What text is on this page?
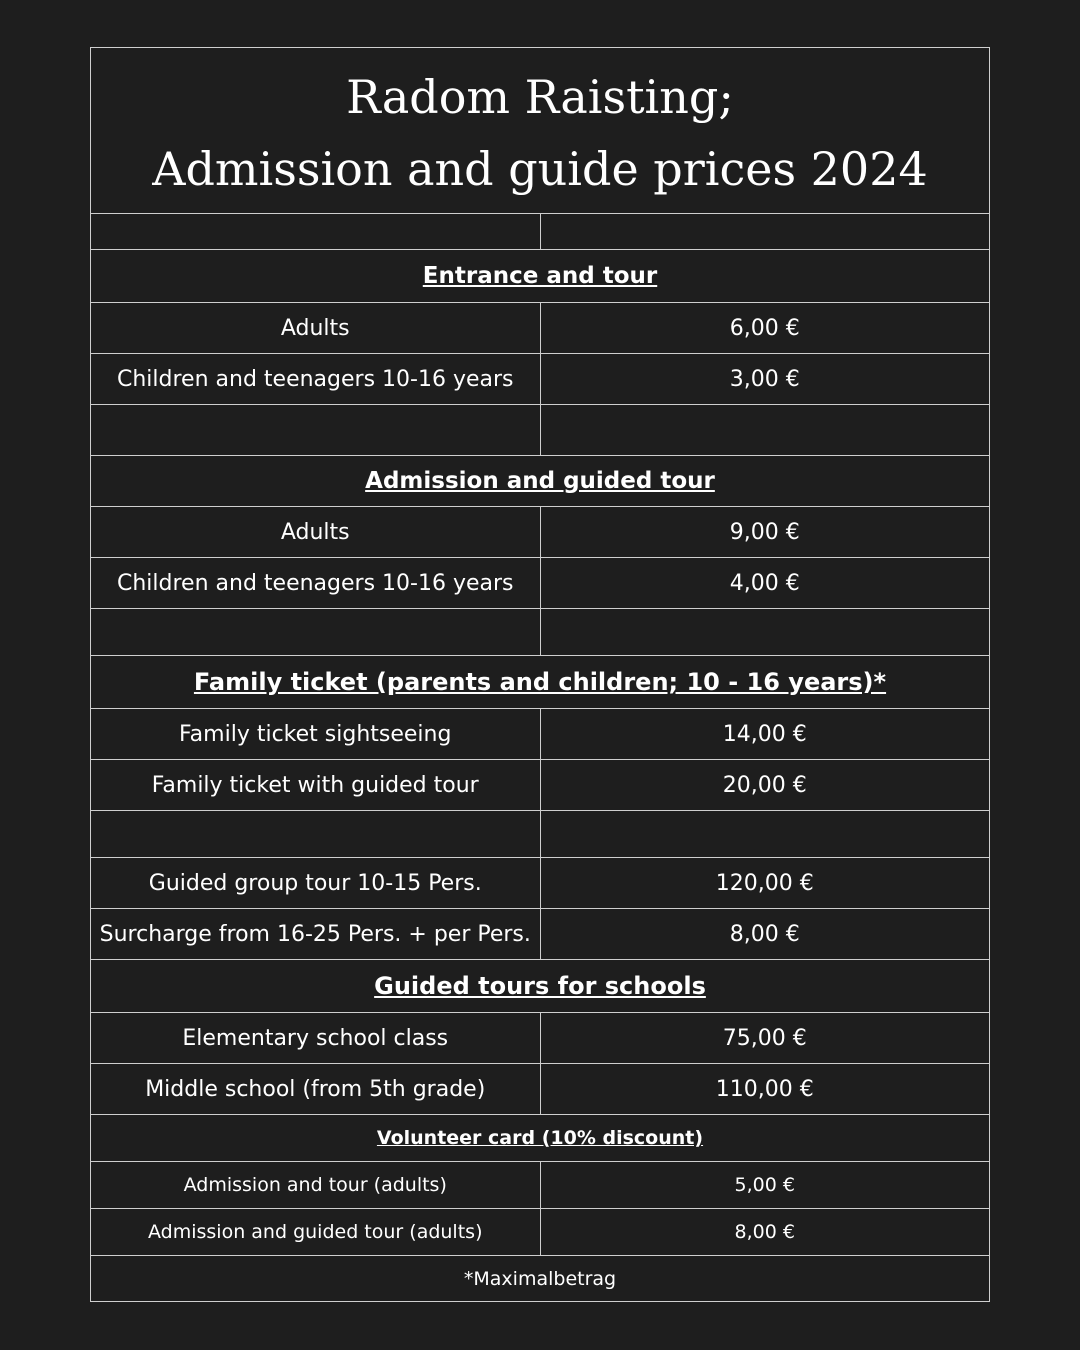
Radom Raisting;
Admission and guide prices 2024
Entrance and tour
Adults	6,00 €
Children and teenagers 10-16 years	3,00 €
Admission and guided tour
Adults	9,00 €
Children and teenagers 10-16 years	4,00 €
Family ticket (parents and children; 10 - 16 years)*
Family ticket sightseeing	14,00 €
Family ticket with guided tour	20,00 €
Guided group tour 10-15 Pers.	120,00 €
Surcharge from 16-25 Pers. + per Pers.	8,00 €
Guided tours for schools
Elementary school class	75,00 €
Middle school (from 5th grade)	110,00 €
Volunteer card (10% discount)
Admission and tour (adults)	5,00 €
Admission and guided tour (adults)	8,00 €
*Maximalbetrag
